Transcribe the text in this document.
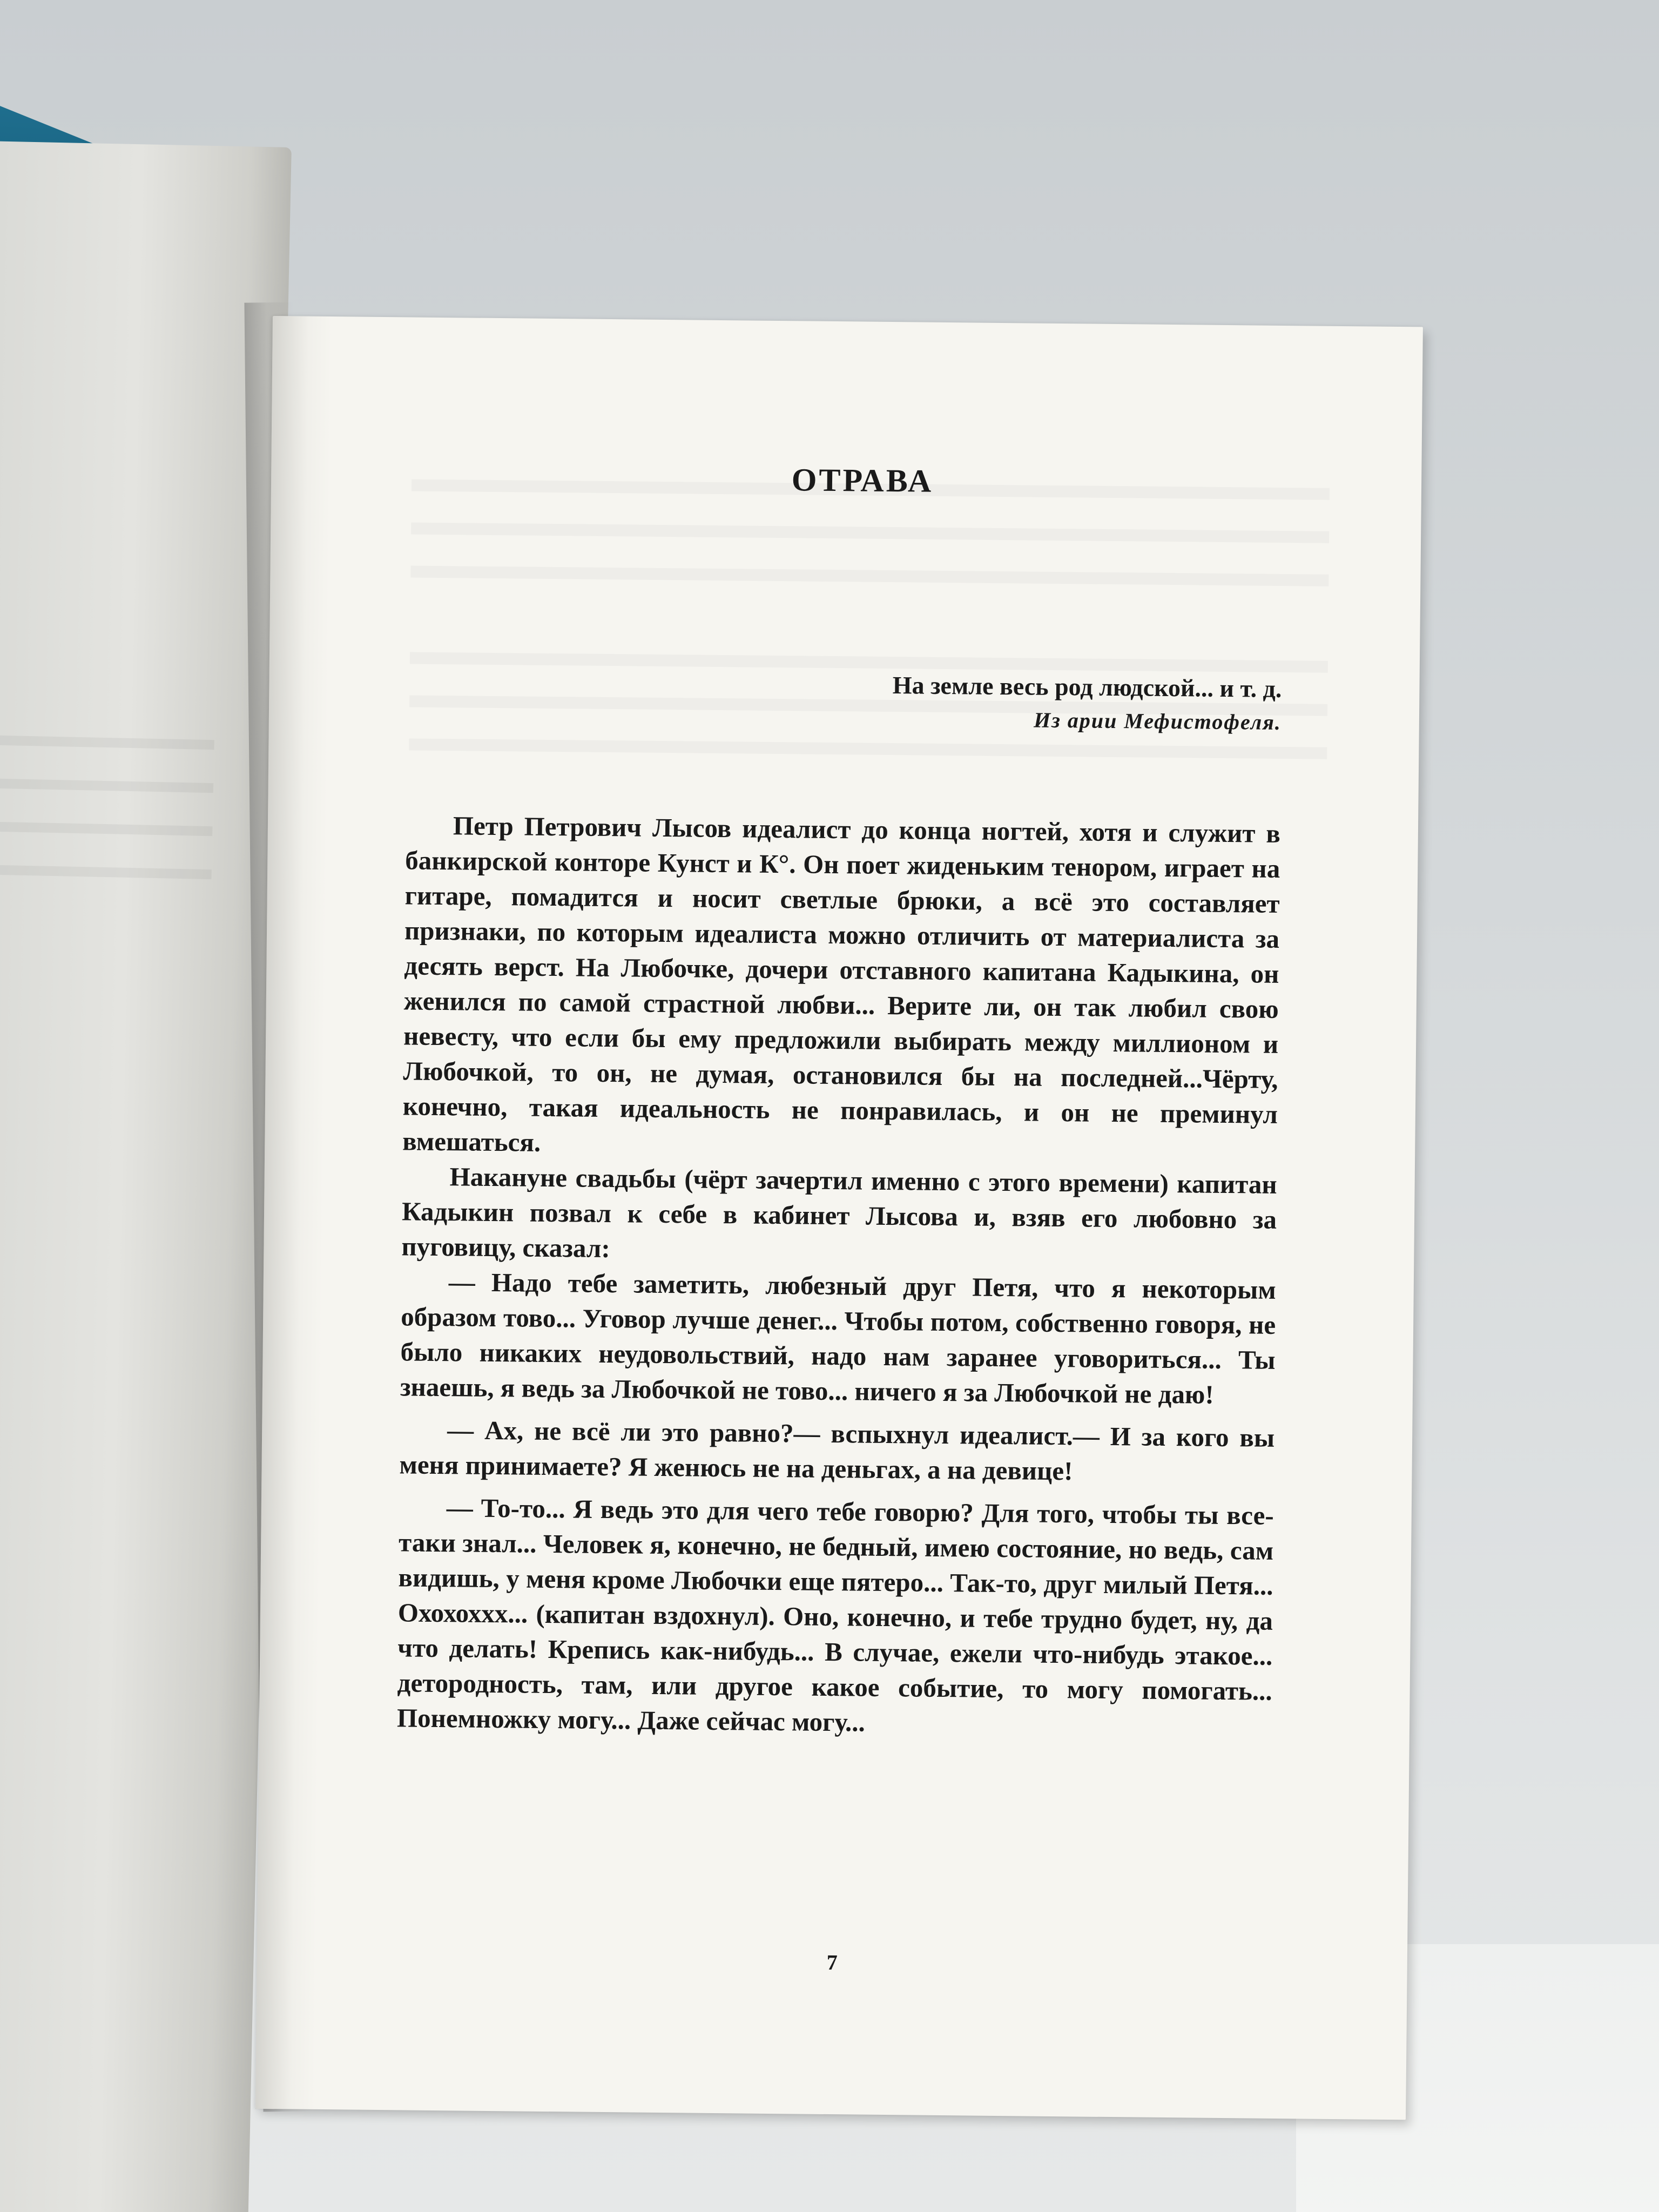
ОТРАВА
На земле весь род людской... и т. д.
Из арии Мефистофеля.

Петр Петрович Лысов идеалист до конца ногтей, хотя и служит в банкирской конторе Кунст и К°. Он поет жиденьким тенором, играет на гитаре, помадится и носит светлые брюки, а всё это составляет признаки, по которым идеалиста можно отличить от материалиста за десять верст. На Любочке, дочери отставного капитана Кадыкина, он женился по самой страстной любви... Верите ли, он так любил свою невесту, что если бы ему предложили выбирать между миллионом и Любочкой, то он, не думая, остановился бы на последней...Чёрту, конечно, такая идеальность не понравилась, и он не преминул вмешаться.

Накануне свадьбы (чёрт зачертил именно с этого времени) капитан Кадыкин позвал к себе в кабинет Лысова и, взяв его любовно за пуговицу, сказал:

— Надо тебе заметить, любезный друг Петя, что я некоторым образом тово... Уговор лучше денег... Чтобы потом, собственно говоря, не было никаких неудовольствий, надо нам заранее уговориться... Ты знаешь, я ведь за Любочкой не тово... ничего я за Любочкой не даю!

— Ах, не всё ли это равно?— вспыхнул идеалист.— И за кого вы меня принимаете? Я женюсь не на деньгах, а на девице!

— То-то... Я ведь это для чего тебе говорю? Для того, чтобы ты все-таки знал... Человек я, конечно, не бедный, имею состояние, но ведь, сам видишь, у меня кроме Любочки еще пятеро... Так-то, друг милый Петя... Охохохxx... (капитан вздохнул). Оно, конечно, и тебе трудно будет, ну, да что делать! Крепись как-нибудь... В случае, ежели что-нибудь этакое... детородность, там, или другое какое событие, то могу помогать... Понемножку могу... Даже сейчас могу...

7
